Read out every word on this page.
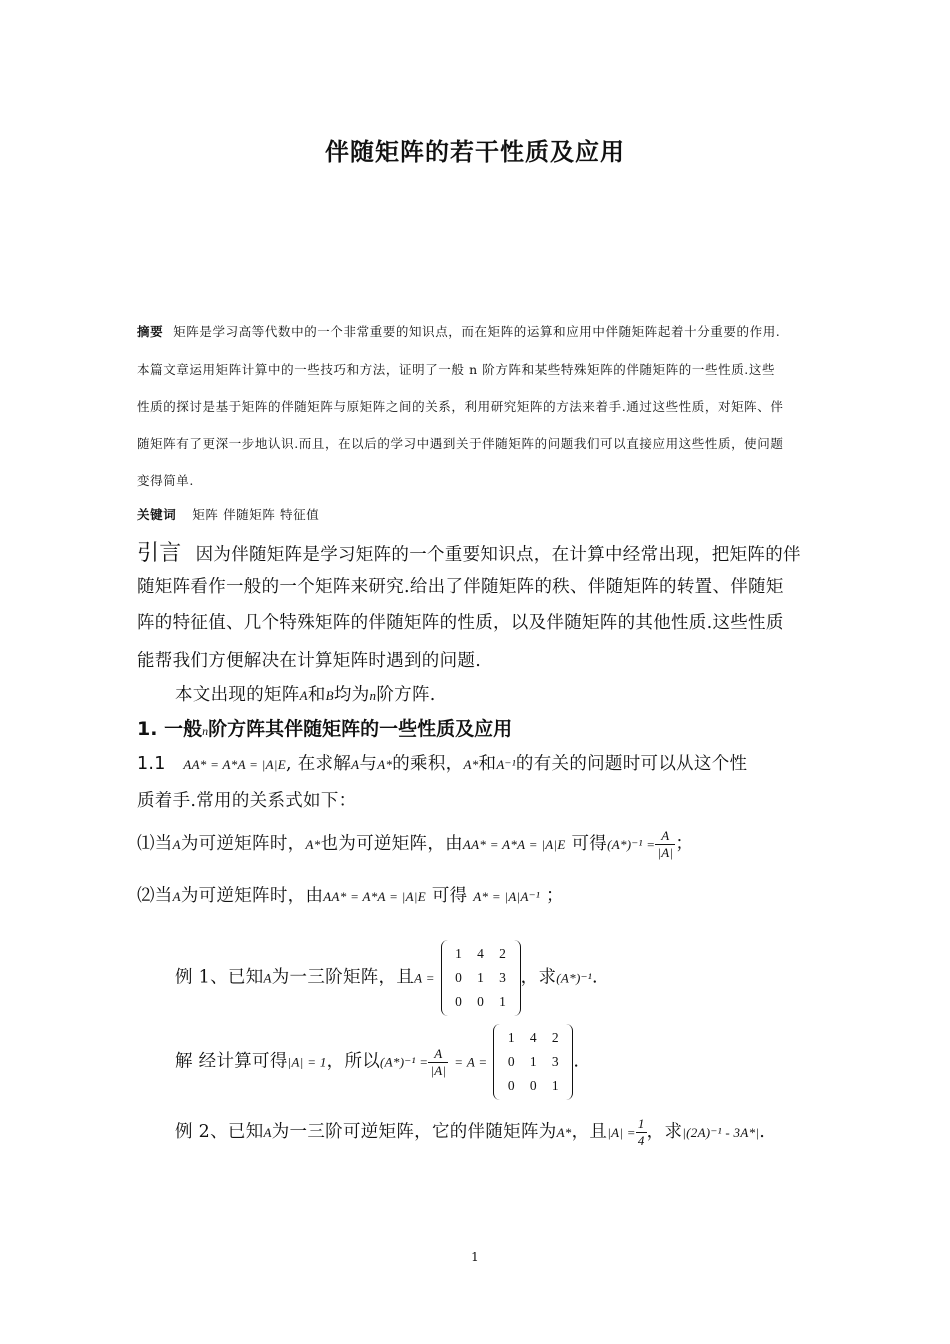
伴随矩阵的若干性质及应用
摘要 矩阵是学习高等代数中的一个非常重要的知识点，而在矩阵的运算和应用中伴随矩阵起着十分重要的作用.
本篇文章运用矩阵计算中的一些技巧和方法，证明了一般 n 阶方阵和某些特殊矩阵的伴随矩阵的一些性质.这些
性质的探讨是基于矩阵的伴随矩阵与原矩阵之间的关系，利用研究矩阵的方法来着手.通过这些性质，对矩阵、伴
随矩阵有了更深一步地认识.而且，在以后的学习中遇到关于伴随矩阵的问题我们可以直接应用这些性质，使问题
变得简单.
关键词 矩阵 伴随矩阵 特征值
引言 因为伴随矩阵是学习矩阵的一个重要知识点，在计算中经常出现，把矩阵的伴
随矩阵看作一般的一个矩阵来研究.给出了伴随矩阵的秩、伴随矩阵的转置、伴随矩
阵的特征值、几个特殊矩阵的伴随矩阵的性质，以及伴随矩阵的其他性质.这些性质
能帮我们方便解决在计算矩阵时遇到的问题.
本文出现的矩阵A和B均为n阶方阵.
1. 一般n阶方阵其伴随矩阵的一些性质及应用
1.1 AA* = A*A = |A|E, 在求解A与A*的乘积，A*和A⁻¹的有关的问题时可以从这个性
质着手.常用的关系式如下：
⑴当A为可逆矩阵时，A*也为可逆矩阵，由AA* = A*A = |A|E 可得$(A*)^{-1} = \frac{A}{|A|}$ ；
⑵当A为可逆矩阵时，由AA* = A*A = |A|E 可得 A* = |A|A⁻¹ ；
例 1、已知A为一三阶矩阵，且A =
1 4 2
0 1 3
0 0 1
，求(A*)⁻¹.
解 经计算可得|A| = 1，所以$(A*)^{-1} = \frac{A}{|A|} = A$ =
1 4 2
0 1 3
0 0 1
.
例 2、已知A为一三阶可逆矩阵，它的伴随矩阵为A*，且$|A| = \frac{1}{4}$ ，求|(2A)⁻¹ - 3A*|.
1
